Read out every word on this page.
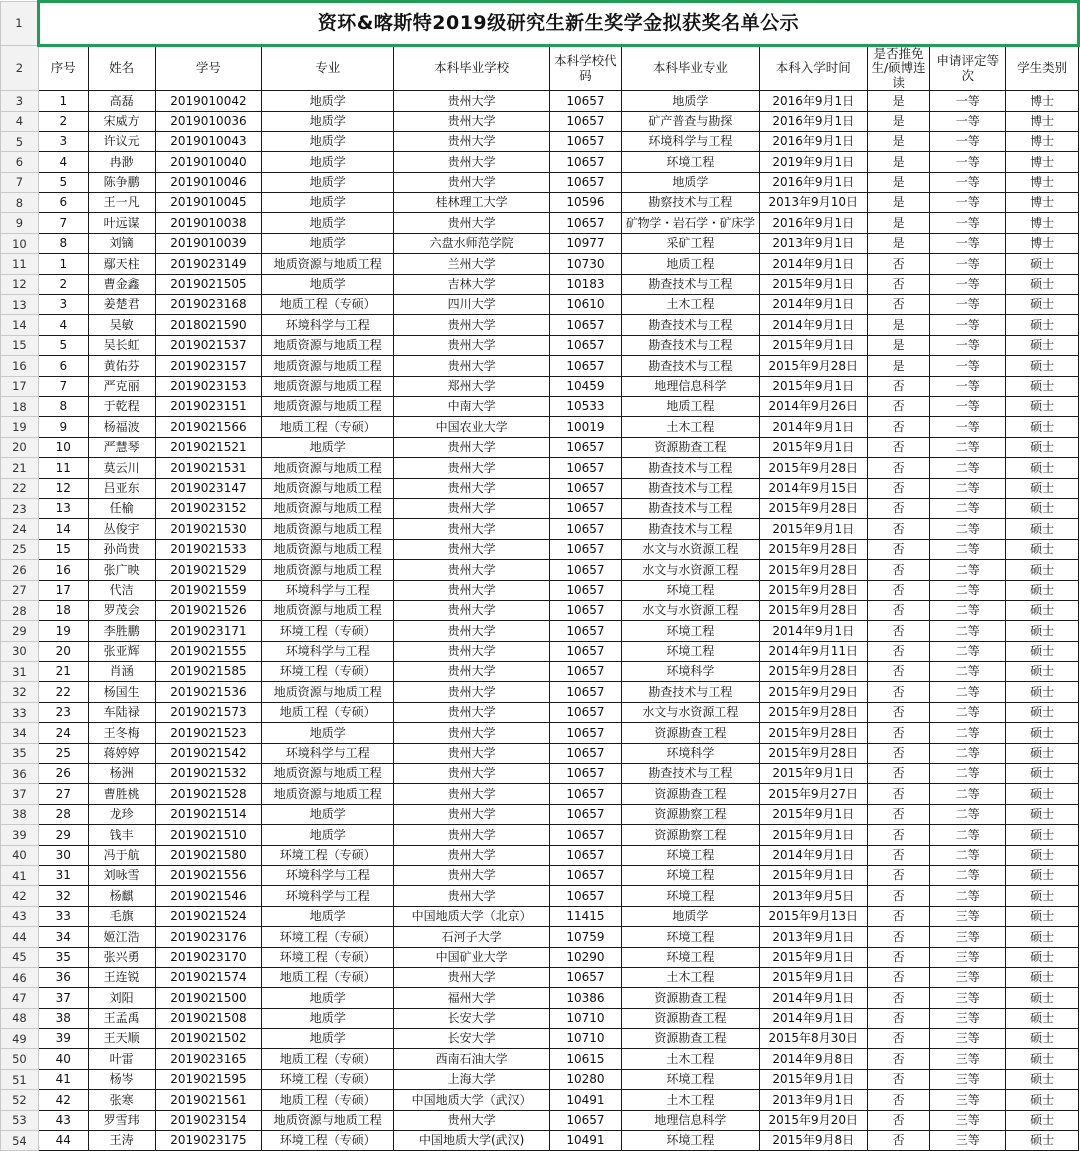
1	资环&喀斯特2019级研究生新生奖学金拟获奖名单公示										
2	序号	姓名	学号	专业	本科毕业学校	本科学校代码	本科毕业专业	本科入学时间	是否推免生/硕博连读	申请评定等次	学生类别
3	1	高磊	2019010042	地质学	贵州大学	10657	地质学	2016年9月1日	是	一等	博士
4	2	宋威方	2019010036	地质学	贵州大学	10657	矿产普查与勘探	2016年9月1日	是	一等	博士
5	3	许议元	2019010043	地质学	贵州大学	10657	环境科学与工程	2016年9月1日	是	一等	博士
6	4	冉渺	2019010040	地质学	贵州大学	10657	环境工程	2019年9月1日	是	一等	博士
7	5	陈争鹏	2019010046	地质学	贵州大学	10657	地质学	2016年9月1日	是	一等	博士
8	6	王一凡	2019010045	地质学	桂林理工大学	10596	勘察技术与工程	2013年9月10日	是	一等	博士
9	7	叶远谋	2019010038	地质学	贵州大学	10657	矿物学・岩石学・矿床学	2016年9月1日	是	一等	博士
10	8	刘镝	2019010039	地质学	六盘水师范学院	10977	采矿工程	2013年9月1日	是	一等	博士
11	1	鄢天柱	2019023149	地质资源与地质工程	兰州大学	10730	地质工程	2014年9月1日	否	一等	硕士
12	2	曹金鑫	2019021505	地质学	吉林大学	10183	勘查技术与工程	2015年9月1日	否	一等	硕士
13	3	姜楚君	2019023168	地质工程（专硕）	四川大学	10610	土木工程	2014年9月1日	否	一等	硕士
14	4	吴敏	2018021590	环境科学与工程	贵州大学	10657	勘查技术与工程	2014年9月1日	是	一等	硕士
15	5	吴长虹	2019021537	地质资源与地质工程	贵州大学	10657	勘查技术与工程	2015年9月1日	是	一等	硕士
16	6	黄佑芬	2019023157	地质资源与地质工程	贵州大学	10657	勘查技术与工程	2015年9月28日	是	一等	硕士
17	7	严克丽	2019023153	地质资源与地质工程	郑州大学	10459	地理信息科学	2015年9月1日	否	一等	硕士
18	8	于乾程	2019023151	地质资源与地质工程	中南大学	10533	地质工程	2014年9月26日	否	一等	硕士
19	9	杨福波	2019021566	地质工程（专硕）	中国农业大学	10019	土木工程	2014年9月1日	否	一等	硕士
20	10	严慧琴	2019021521	地质学	贵州大学	10657	资源勘查工程	2015年9月1日	否	二等	硕士
21	11	莫云川	2019021531	地质资源与地质工程	贵州大学	10657	勘查技术与工程	2015年9月28日	否	二等	硕士
22	12	吕亚东	2019023147	地质资源与地质工程	贵州大学	10657	勘查技术与工程	2014年9月15日	否	二等	硕士
23	13	任榆	2019023152	地质资源与地质工程	贵州大学	10657	勘查技术与工程	2015年9月28日	否	二等	硕士
24	14	丛俊宇	2019021530	地质资源与地质工程	贵州大学	10657	勘查技术与工程	2015年9月1日	否	二等	硕士
25	15	孙尚贵	2019021533	地质资源与地质工程	贵州大学	10657	水文与水资源工程	2015年9月28日	否	二等	硕士
26	16	张广映	2019021529	地质资源与地质工程	贵州大学	10657	水文与水资源工程	2015年9月28日	否	二等	硕士
27	17	代洁	2019021559	环境科学与工程	贵州大学	10657	环境工程	2015年9月28日	否	二等	硕士
28	18	罗茂会	2019021526	地质资源与地质工程	贵州大学	10657	水文与水资源工程	2015年9月28日	否	二等	硕士
29	19	李胜鹏	2019023171	环境工程（专硕）	贵州大学	10657	环境工程	2014年9月1日	否	二等	硕士
30	20	张亚辉	2019021555	环境科学与工程	贵州大学	10657	环境工程	2014年9月11日	否	二等	硕士
31	21	肖涵	2019021585	环境工程（专硕）	贵州大学	10657	环境科学	2015年9月28日	否	二等	硕士
32	22	杨国生	2019021536	地质资源与地质工程	贵州大学	10657	勘查技术与工程	2015年9月29日	否	二等	硕士
33	23	车陆禄	2019021573	地质工程（专硕）	贵州大学	10657	水文与水资源工程	2015年9月28日	否	二等	硕士
34	24	王冬梅	2019021523	地质学	贵州大学	10657	资源勘查工程	2015年9月28日	否	二等	硕士
35	25	蒋婷婷	2019021542	环境科学与工程	贵州大学	10657	环境科学	2015年9月28日	否	二等	硕士
36	26	杨洲	2019021532	地质资源与地质工程	贵州大学	10657	勘查技术与工程	2015年9月1日	否	二等	硕士
37	27	曹胜桃	2019021528	地质资源与地质工程	贵州大学	10657	资源勘查工程	2015年9月27日	否	二等	硕士
38	28	龙珍	2019021514	地质学	贵州大学	10657	资源勘察工程	2015年9月1日	否	二等	硕士
39	29	钱丰	2019021510	地质学	贵州大学	10657	资源勘察工程	2015年9月1日	否	二等	硕士
40	30	冯于航	2019021580	环境工程（专硕）	贵州大学	10657	环境工程	2014年9月1日	否	二等	硕士
41	31	刘咏雪	2019021556	环境科学与工程	贵州大学	10657	环境工程	2015年9月1日	否	二等	硕士
42	32	杨麒	2019021546	环境科学与工程	贵州大学	10657	环境工程	2013年9月5日	否	二等	硕士
43	33	毛旗	2019021524	地质学	中国地质大学（北京）	11415	地质学	2015年9月13日	否	三等	硕士
44	34	姬江浩	2019023176	环境工程（专硕）	石河子大学	10759	环境工程	2013年9月1日	否	三等	硕士
45	35	张兴勇	2019023170	环境工程（专硕）	中国矿业大学	10290	环境工程	2015年9月1日	否	三等	硕士
46	36	王连锐	2019021574	地质工程（专硕）	贵州大学	10657	土木工程	2015年9月1日	否	三等	硕士
47	37	刘阳	2019021500	地质学	福州大学	10386	资源勘查工程	2014年9月1日	否	三等	硕士
48	38	王孟禹	2019021508	地质学	长安大学	10710	资源勘查工程	2014年9月1日	否	三等	硕士
49	39	王天顺	2019021502	地质学	长安大学	10710	资源勘查工程	2015年8月30日	否	三等	硕士
50	40	叶雷	2019023165	地质工程（专硕）	西南石油大学	10615	土木工程	2014年9月8日	否	三等	硕士
51	41	杨岑	2019021595	环境工程（专硕）	上海大学	10280	环境工程	2015年9月1日	否	三等	硕士
52	42	张寒	2019021561	地质工程（专硕）	中国地质大学（武汉）	10491	土木工程	2013年9月1日	否	三等	硕士
53	43	罗雪玮	2019023154	地质资源与地质工程	贵州大学	10657	地理信息科学	2015年9月20日	否	三等	硕士
54	44	王涛	2019023175	环境工程（专硕）	中国地质大学(武汉)	10491	环境工程	2015年9月8日	否	三等	硕士
